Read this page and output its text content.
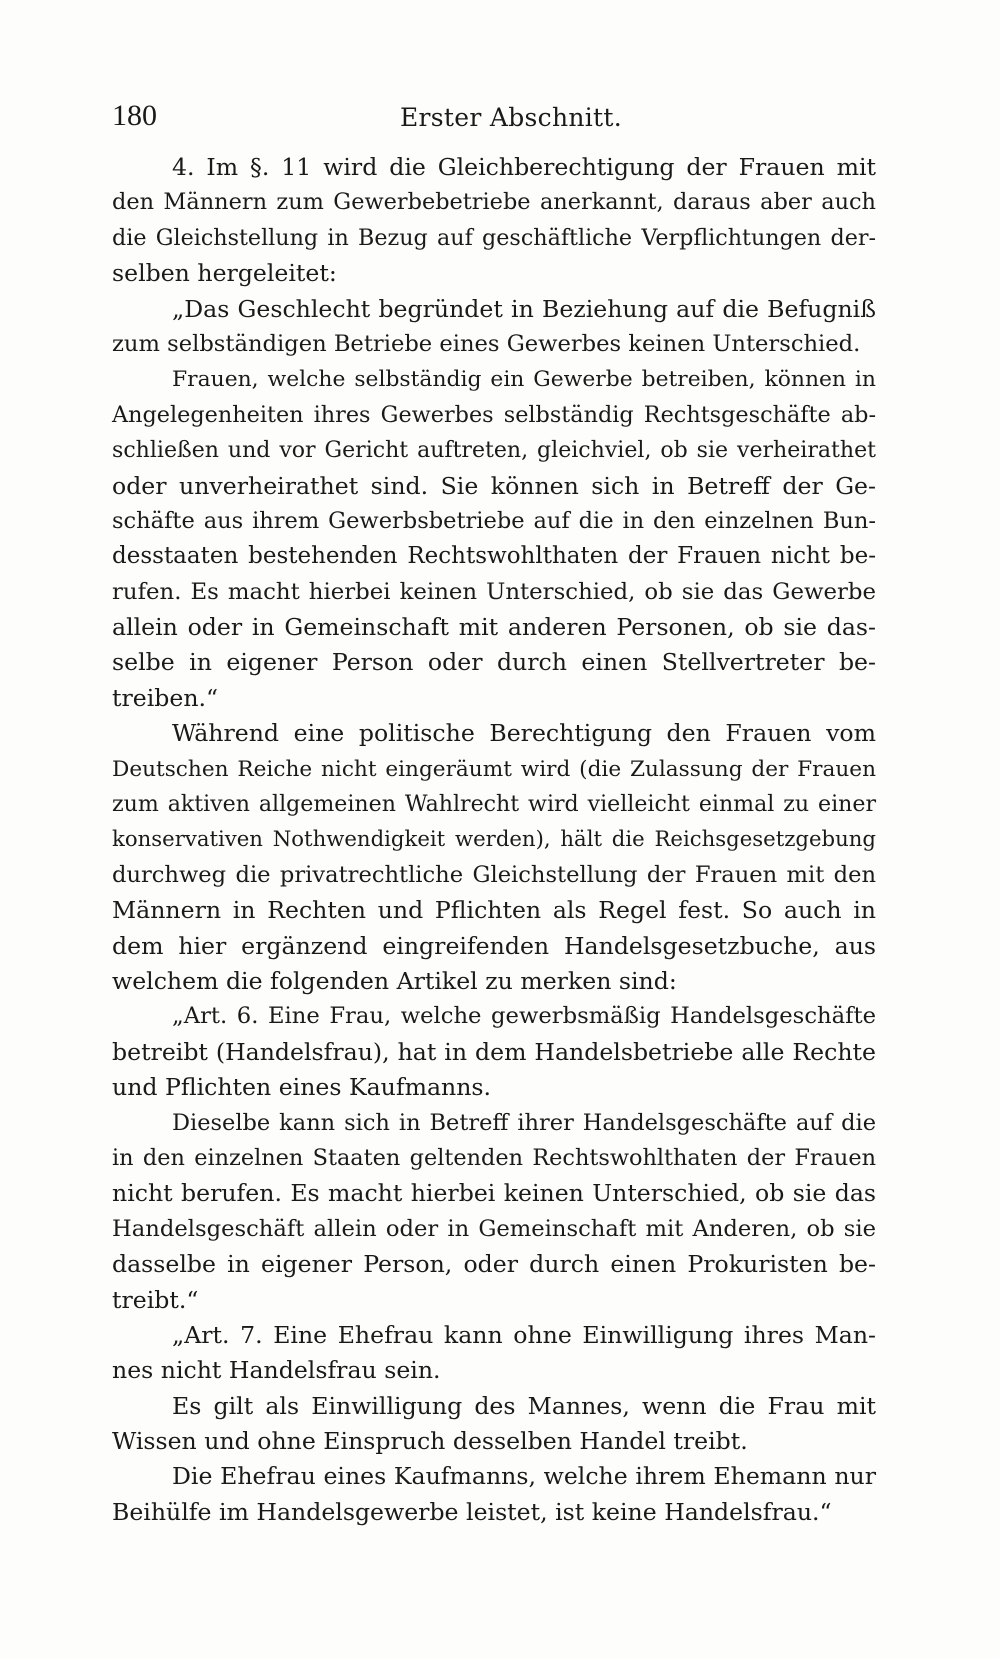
180	Erster Abschnitt.
4. Im §. 11 wird die Gleichberechtigung der Frauen mit
den Männern zum Gewerbebetriebe anerkannt, daraus aber auch
die Gleichstellung in Bezug auf geschäftliche Verpflichtungen der-
selben hergeleitet:
„Das Geschlecht begründet in Beziehung auf die Befugniß
zum selbständigen Betriebe eines Gewerbes keinen Unterschied.
Frauen, welche selbständig ein Gewerbe betreiben, können in
Angelegenheiten ihres Gewerbes selbständig Rechtsgeschäfte ab-
schließen und vor Gericht auftreten, gleichviel, ob sie verheirathet
oder unverheirathet sind. Sie können sich in Betreff der Ge-
schäfte aus ihrem Gewerbsbetriebe auf die in den einzelnen Bun-
desstaaten bestehenden Rechtswohlthaten der Frauen nicht be-
rufen. Es macht hierbei keinen Unterschied, ob sie das Gewerbe
allein oder in Gemeinschaft mit anderen Personen, ob sie das-
selbe in eigener Person oder durch einen Stellvertreter be-
treiben.“
Während eine politische Berechtigung den Frauen vom
Deutschen Reiche nicht eingeräumt wird (die Zulassung der Frauen
zum aktiven allgemeinen Wahlrecht wird vielleicht einmal zu einer
konservativen Nothwendigkeit werden), hält die Reichsgesetzgebung
durchweg die privatrechtliche Gleichstellung der Frauen mit den
Männern in Rechten und Pflichten als Regel fest. So auch in
dem hier ergänzend eingreifenden Handelsgesetzbuche, aus
welchem die folgenden Artikel zu merken sind:
„Art. 6. Eine Frau, welche gewerbsmäßig Handelsgeschäfte
betreibt (Handelsfrau), hat in dem Handelsbetriebe alle Rechte
und Pflichten eines Kaufmanns.
Dieselbe kann sich in Betreff ihrer Handelsgeschäfte auf die
in den einzelnen Staaten geltenden Rechtswohlthaten der Frauen
nicht berufen. Es macht hierbei keinen Unterschied, ob sie das
Handelsgeschäft allein oder in Gemeinschaft mit Anderen, ob sie
dasselbe in eigener Person, oder durch einen Prokuristen be-
treibt.“
„Art. 7. Eine Ehefrau kann ohne Einwilligung ihres Man-
nes nicht Handelsfrau sein.
Es gilt als Einwilligung des Mannes, wenn die Frau mit
Wissen und ohne Einspruch desselben Handel treibt.
Die Ehefrau eines Kaufmanns, welche ihrem Ehemann nur
Beihülfe im Handelsgewerbe leistet, ist keine Handelsfrau.“
